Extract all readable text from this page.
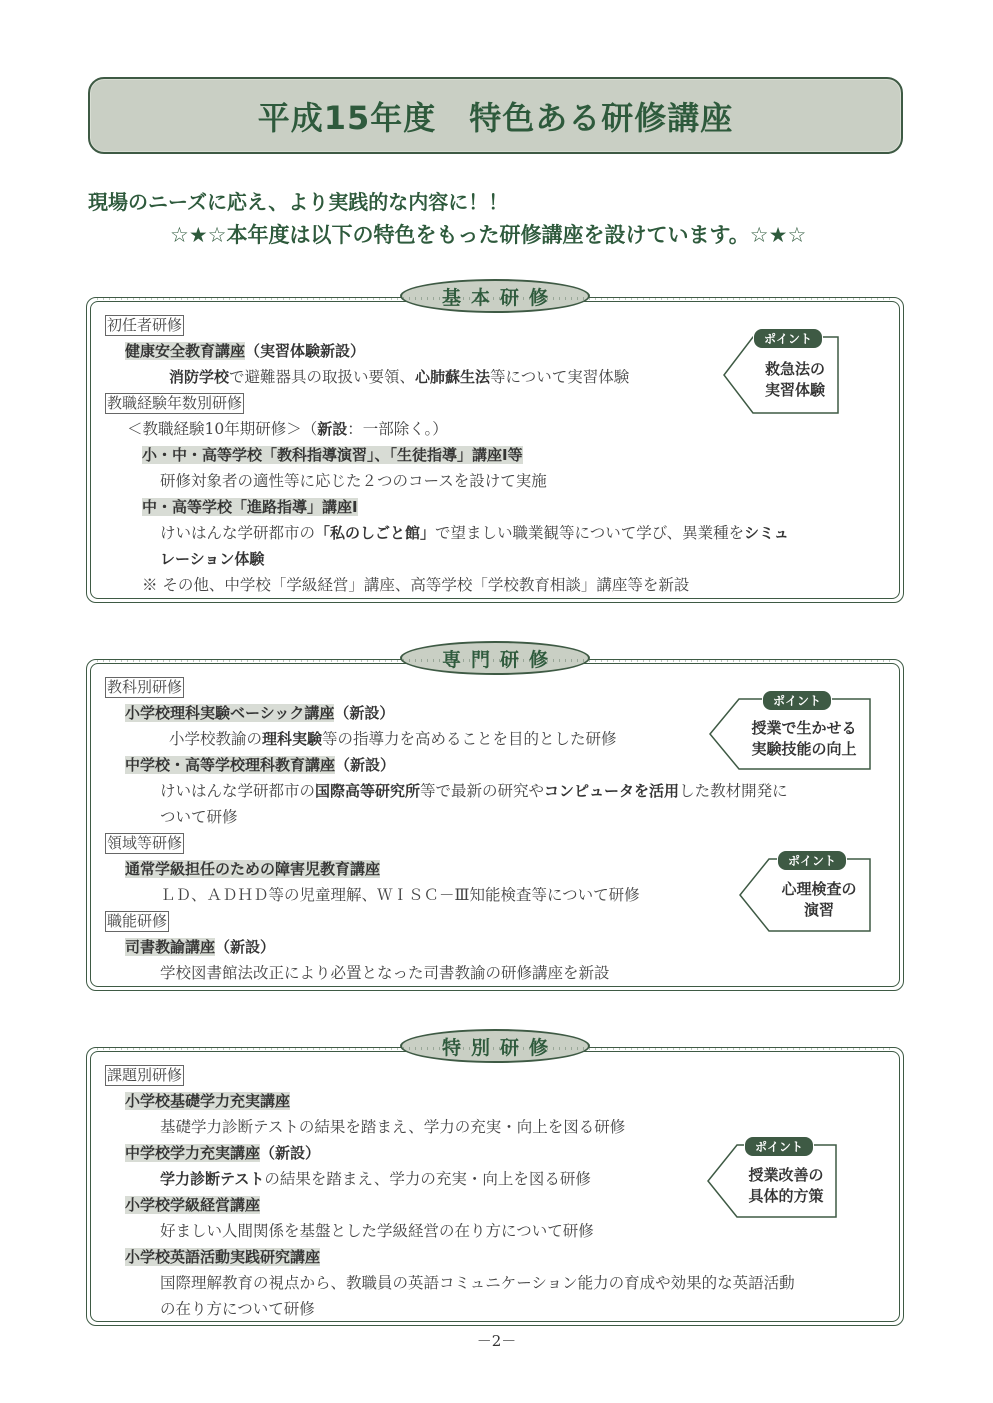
平成15年度　特色ある研修講座
現場のニーズに応え、より実践的な内容に！！
☆★☆本年度は以下の特色をもった研修講座を設けています。☆★☆
基本研修
初任者研修
健康安全教育講座（実習体験新設）
消防学校で避難器具の取扱い要領、心肺蘇生法等について実習体験
教職経験年数別研修
＜教職経験10年期研修＞（新設：一部除く。）
小・中・高等学校「教科指導演習」、「生徒指導」講座Ⅰ等
研修対象者の適性等に応じた２つのコースを設けて実施
中・高等学校「進路指導」講座Ⅰ
けいはんな学研都市の「私のしごと館」で望ましい職業観等について学び、異業種をシミュ
レーション体験
※ その他、中学校「学級経営」講座、高等学校「学校教育相談」講座等を新設
ポイント
救急法の
実習体験
専門研修
教科別研修
小学校理科実験ベーシック講座（新設）
小学校教諭の理科実験等の指導力を高めることを目的とした研修
中学校・高等学校理科教育講座（新設）
けいはんな学研都市の国際高等研究所等で最新の研究やコンピュータを活用した教材開発に
ついて研修
領域等研修
通常学級担任のための障害児教育講座
ＬＤ、ＡＤＨＤ等の児童理解、ＷＩＳＣ－Ⅲ知能検査等について研修
職能研修
司書教諭講座（新設）
学校図書館法改正により必置となった司書教諭の研修講座を新設
ポイント
授業で生かせる
実験技能の向上
ポイント
心理検査の
演習
特別研修
課題別研修
小学校基礎学力充実講座
基礎学力診断テストの結果を踏まえ、学力の充実・向上を図る研修
中学校学力充実講座（新設）
学力診断テストの結果を踏まえ、学力の充実・向上を図る研修
小学校学級経営講座
好ましい人間関係を基盤とした学級経営の在り方について研修
小学校英語活動実践研究講座
国際理解教育の視点から、教職員の英語コミュニケーション能力の育成や効果的な英語活動
の在り方について研修
ポイント
授業改善の
具体的方策
－2－
